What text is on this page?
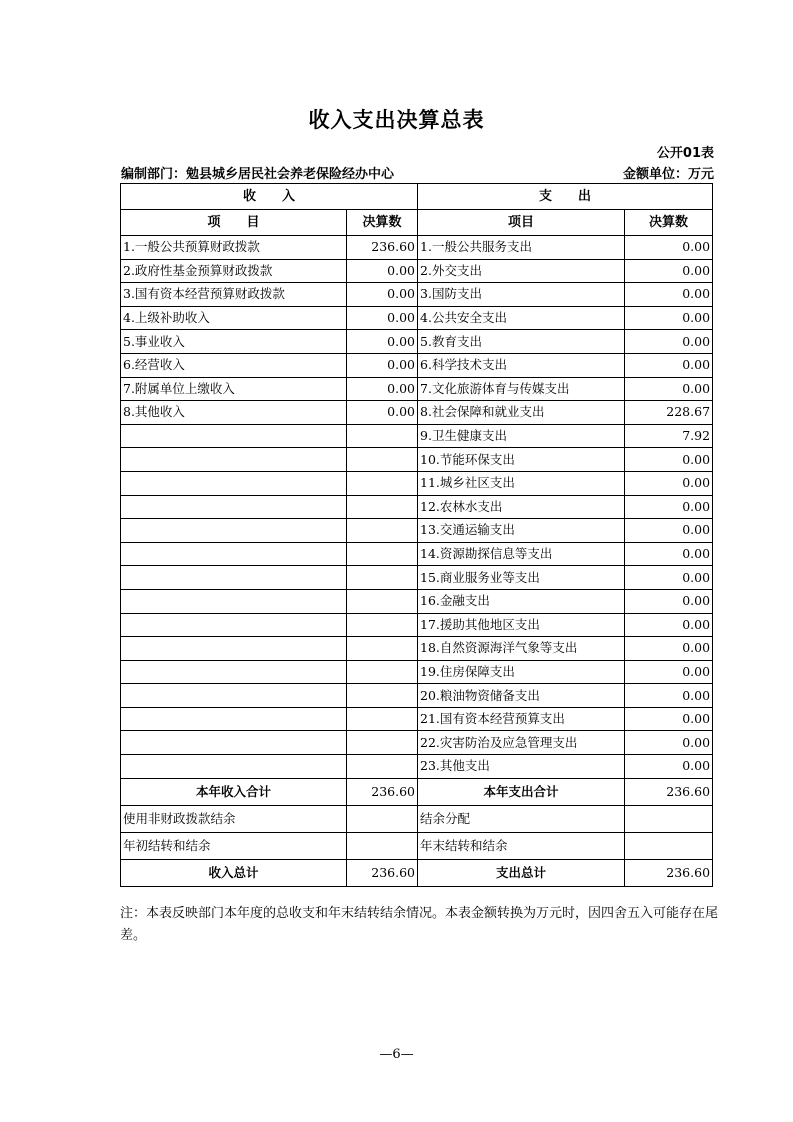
收入支出决算总表
公开01表
编制部门：勉县城乡居民社会养老保险经办中心	金额单位：万元
收　　入		支　　出	
项　　目	决算数	项目	决算数
1.一般公共预算财政拨款	236.60	1.一般公共服务支出	0.00
2.政府性基金预算财政拨款	0.00	2.外交支出	0.00
3.国有资本经营预算财政拨款	0.00	3.国防支出	0.00
4.上级补助收入	0.00	4.公共安全支出	0.00
5.事业收入	0.00	5.教育支出	0.00
6.经营收入	0.00	6.科学技术支出	0.00
7.附属单位上缴收入	0.00	7.文化旅游体育与传媒支出	0.00
8.其他收入	0.00	8.社会保障和就业支出	228.67
		9.卫生健康支出	7.92
		10.节能环保支出	0.00
		11.城乡社区支出	0.00
		12.农林水支出	0.00
		13.交通运输支出	0.00
		14.资源勘探信息等支出	0.00
		15.商业服务业等支出	0.00
		16.金融支出	0.00
		17.援助其他地区支出	0.00
		18.自然资源海洋气象等支出	0.00
		19.住房保障支出	0.00
		20.粮油物资储备支出	0.00
		21.国有资本经营预算支出	0.00
		22.灾害防治及应急管理支出	0.00
		23.其他支出	0.00
本年收入合计	236.60	本年支出合计	236.60
使用非财政拨款结余		结余分配	
年初结转和结余		年末结转和结余	
收入总计	236.60	支出总计	236.60
注：本表反映部门本年度的总收支和年末结转结余情况。本表金额转换为万元时，因四舍五入可能存在尾差。
—6—
